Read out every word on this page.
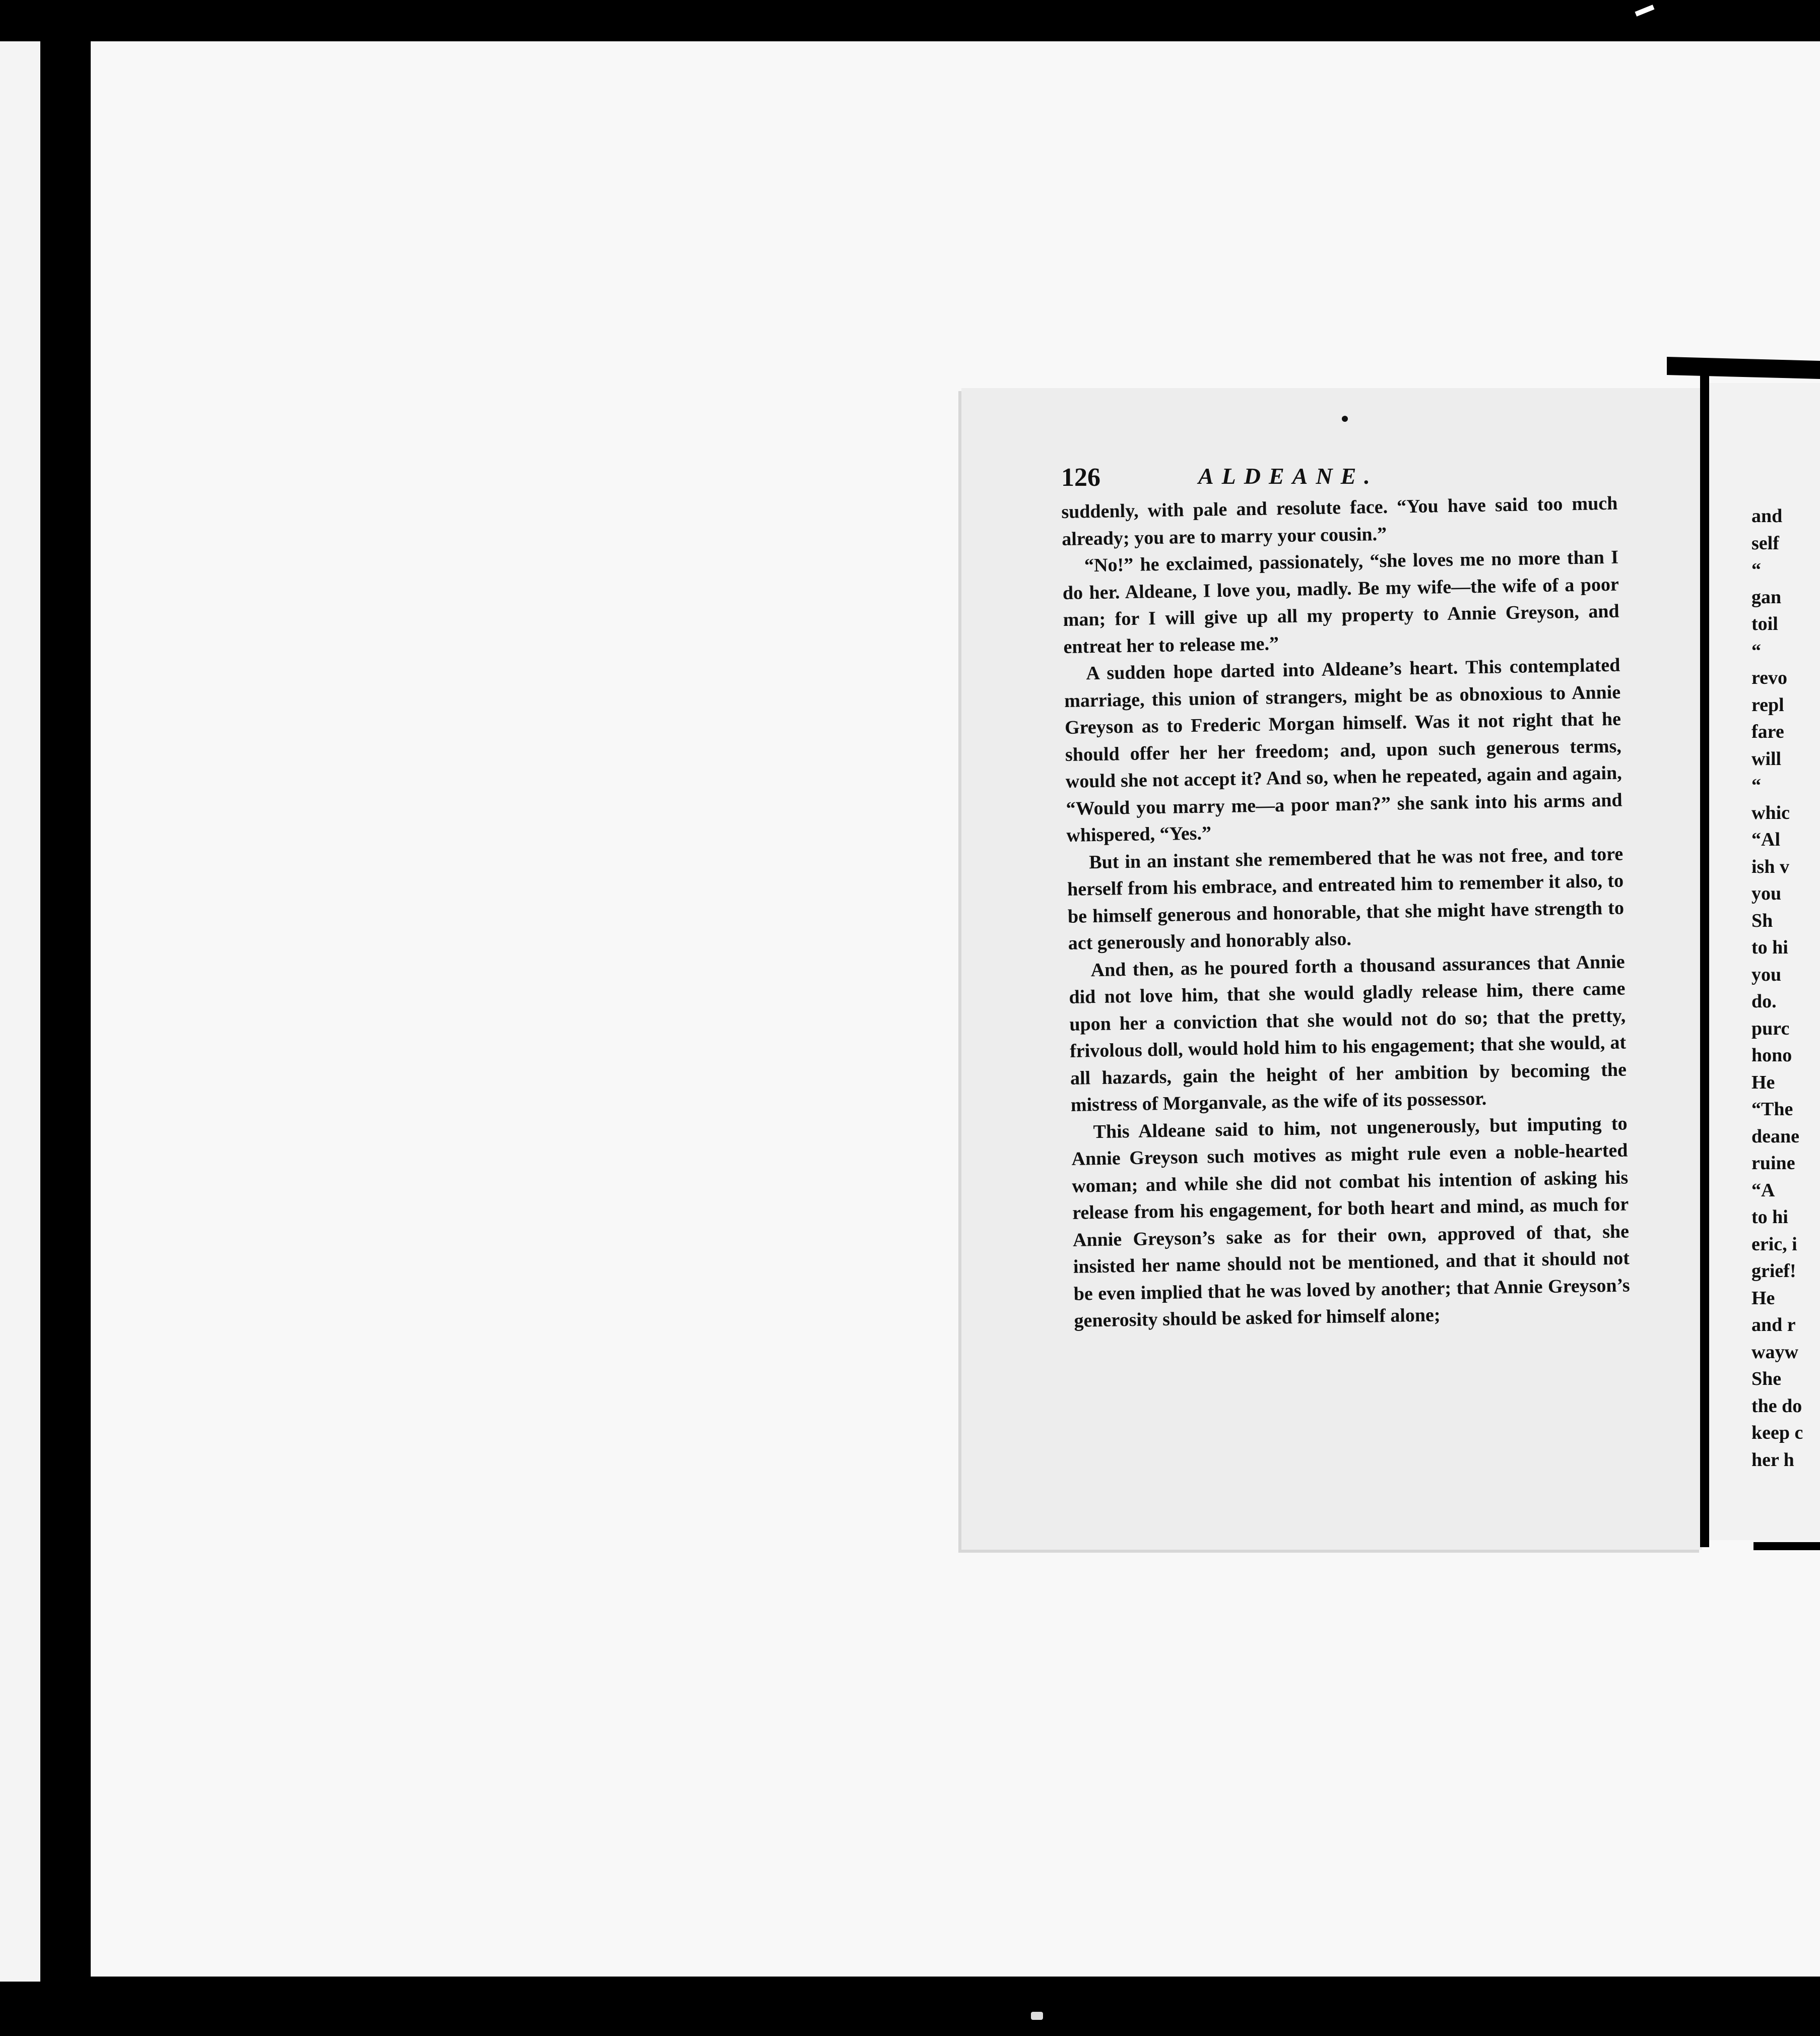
126	ALDEANE.

suddenly, with pale and resolute face. “You have said too much already; you are to marry your cousin.”

“No!” he exclaimed, passionately, “she loves me no more than I do her. Aldeane, I love you, madly. Be my wife—the wife of a poor man; for I will give up all my property to Annie Greyson, and entreat her to release me.”

A sudden hope darted into Aldeane’s heart. This contemplated marriage, this union of strangers, might be as obnoxious to Annie Greyson as to Frederic Morgan himself. Was it not right that he should offer her her freedom; and, upon such generous terms, would she not accept it? And so, when he repeated, again and again, “Would you marry me—a poor man?” she sank into his arms and whispered, “Yes.”

But in an instant she remembered that he was not free, and tore herself from his embrace, and entreated him to remember it also, to be himself generous and honorable, that she might have strength to act generously and honorably also.

And then, as he poured forth a thousand assurances that Annie did not love him, that she would gladly release him, there came upon her a conviction that she would not do so; that the pretty, frivolous doll, would hold him to his engagement; that she would, at all hazards, gain the height of her ambition by becoming the mistress of Morganvale, as the wife of its possessor.

This Aldeane said to him, not ungenerously, but imputing to Annie Greyson such motives as might rule even a noble-hearted woman; and while she did not combat his intention of asking his release from his engagement, for both heart and mind, as much for Annie Greyson’s sake as for their own, approved of that, she insisted her name should not be mentioned, and that it should not be even implied that he was loved by another; that Annie Greyson’s generosity should be asked for himself alone;

and
self
“
gan
toil
“
revo
repl
fare
will
“
whic
“Al
ish v
you
Sh
to hi
you
do.
purc
hono
He
“The
deane
ruine
“A
to hi
eric, i
grief!
He
and r
wayw
She
the do
keep c
her h
